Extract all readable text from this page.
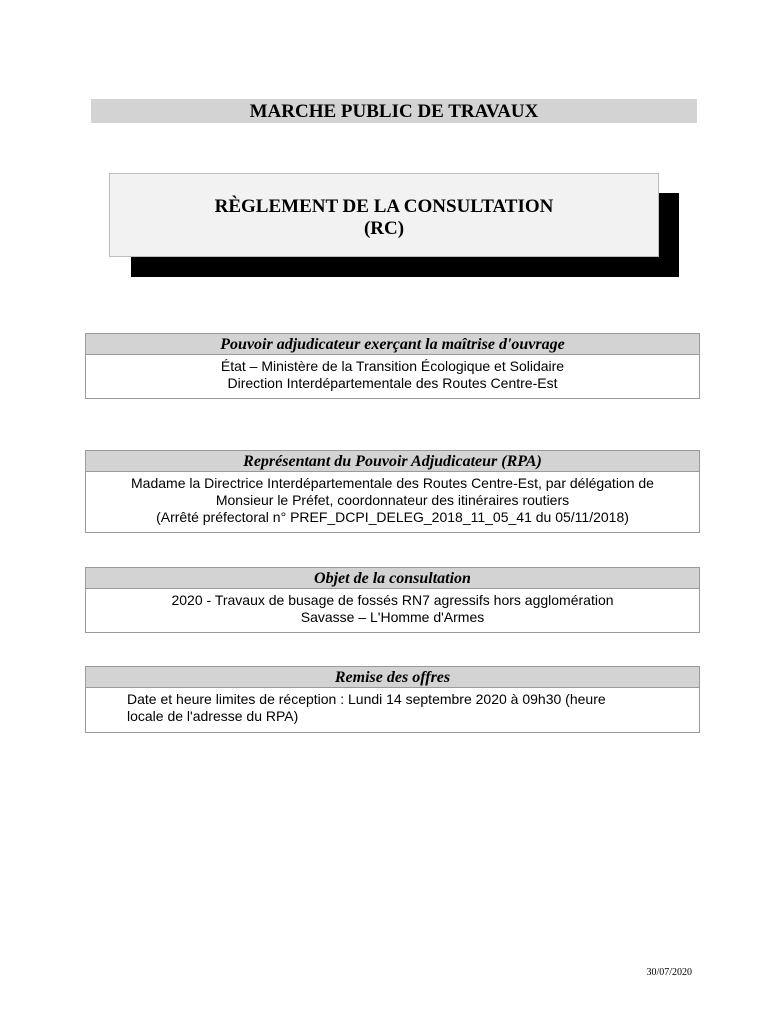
MARCHE PUBLIC DE TRAVAUX
RÈGLEMENT DE LA CONSULTATION
(RC)
Pouvoir adjudicateur exerçant la maîtrise d'ouvrage
État – Ministère de la Transition Écologique et Solidaire
Direction Interdépartementale des Routes Centre-Est
Représentant du Pouvoir Adjudicateur (RPA)
Madame la Directrice Interdépartementale des Routes Centre-Est, par délégation de
Monsieur le Préfet, coordonnateur des itinéraires routiers
(Arrêté préfectoral n° PREF_DCPI_DELEG_2018_11_05_41 du 05/11/2018)
Objet de la consultation
2020 - Travaux de busage de fossés RN7 agressifs hors agglomération
Savasse – L'Homme d'Armes
Remise des offres
Date et heure limites de réception : Lundi 14 septembre 2020 à 09h30 (heure
locale de l'adresse du RPA)
30/07/2020
